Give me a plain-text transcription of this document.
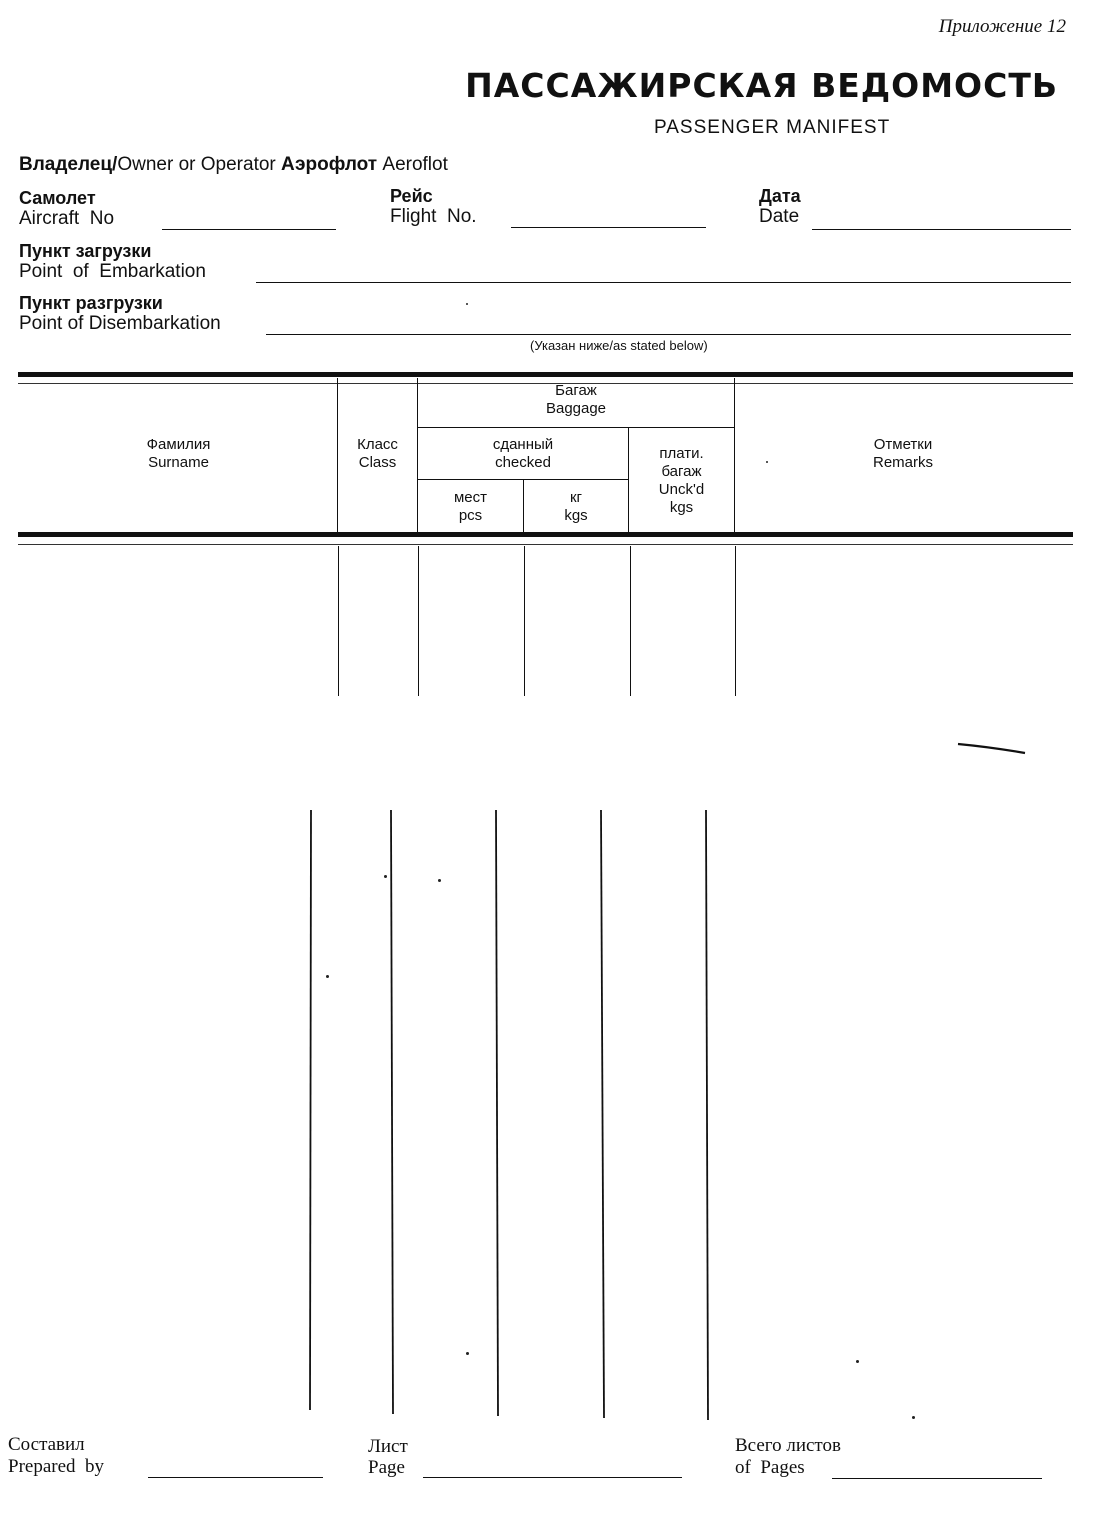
Приложение 12
ПАССАЖИРСКАЯ ВЕДОМОСТЬ
PASSENGER MANIFEST
Владелец/Owner or Operator Аэрофлот Aeroflot
Самолет
Aircraft  No
Рейс
Flight  No.
Дата
Date
Пункт загрузки
Point  of  Embarkation
Пункт разгрузки
Point of Disembarkation
(Указан ниже/as stated below)
Фамилия
Surname
Класс
Class
Багаж
Baggage
сданный
checked
мест
pcs
кг
kgs
плати.
багаж
Unck'd
kgs
Отметки
Remarks
Составил
Prepared  by
Лист
Page
Всего листов
of  Pages
